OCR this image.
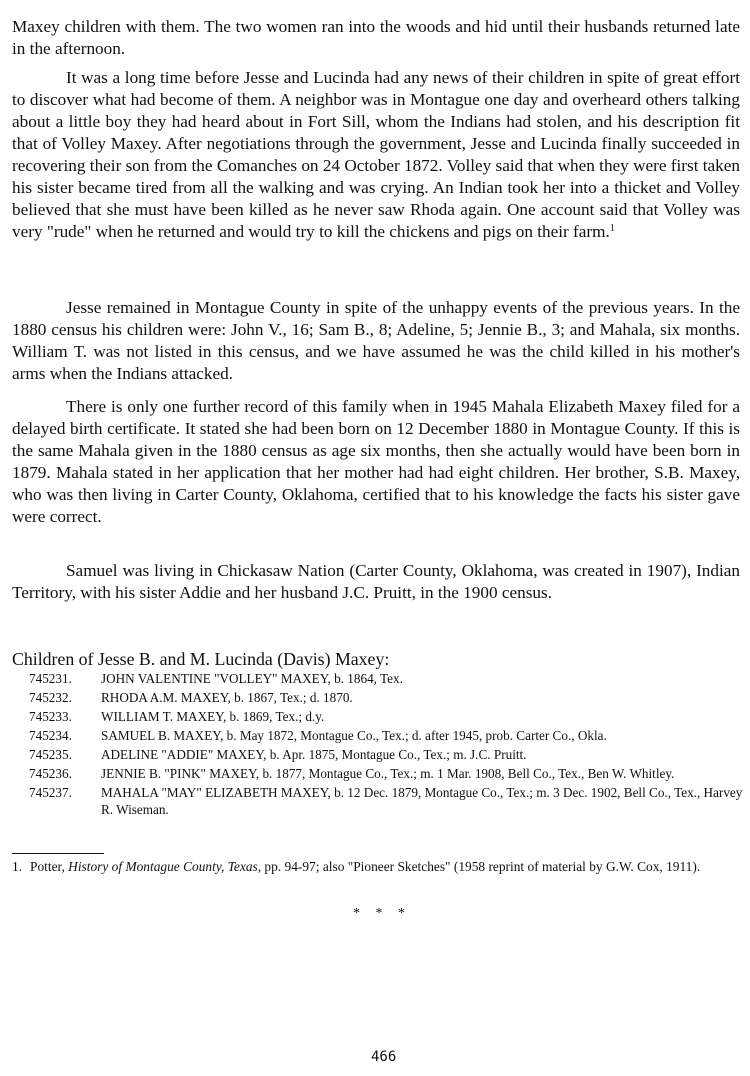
Maxey children with them. The two women ran into the woods and hid until their husbands returned late in the afternoon.

It was a long time before Jesse and Lucinda had any news of their children in spite of great effort to discover what had become of them. A neighbor was in Montague one day and overheard others talking about a little boy they had heard about in Fort Sill, whom the Indians had stolen, and his description fit that of Volley Maxey. After negotiations through the government, Jesse and Lucinda finally succeeded in recovering their son from the Comanches on 24 October 1872. Volley said that when they were first taken his sister became tired from all the walking and was crying. An Indian took her into a thicket and Volley believed that she must have been killed as he never saw Rhoda again. One account said that Volley was very "rude" when he returned and would try to kill the chickens and pigs on their farm.$^1$

Jesse remained in Montague County in spite of the unhappy events of the previous years. In the 1880 census his children were: John V., 16; Sam B., 8; Adeline, 5; Jennie B., 3; and Mahala, six months. William T. was not listed in this census, and we have assumed he was the child killed in his mother's arms when the Indians attacked.

There is only one further record of this family when in 1945 Mahala Elizabeth Maxey filed for a delayed birth certificate. It stated she had been born on 12 December 1880 in Montague County. If this is the same Mahala given in the 1880 census as age six months, then she actually would have been born in 1879. Mahala stated in her application that her mother had had eight children. Her brother, S.B. Maxey, who was then living in Carter County, Oklahoma, certified that to his knowledge the facts his sister gave were correct.

Samuel was living in Chickasaw Nation (Carter County, Oklahoma, was created in 1907), Indian Territory, with his sister Addie and her husband J.C. Pruitt, in the 1900 census.

Children of Jesse B. and M. Lucinda (Davis) Maxey:
745231.	JOHN VALENTINE "VOLLEY" MAXEY, b. 1864, Tex.
745232.	RHODA A.M. MAXEY, b. 1867, Tex.; d. 1870.
745233.	WILLIAM T. MAXEY, b. 1869, Tex.; d.y.
745234.	SAMUEL B. MAXEY, b. May 1872, Montague Co., Tex.; d. after 1945, prob. Carter Co., Okla.
745235.	ADELINE "ADDIE" MAXEY, b. Apr. 1875, Montague Co., Tex.; m. J.C. Pruitt.
745236.	JENNIE B. "PINK" MAXEY, b. 1877, Montague Co., Tex.; m. 1 Mar. 1908, Bell Co., Tex., Ben W. Whitley.
745237.	MAHALA "MAY" ELIZABETH MAXEY, b. 12 Dec. 1879, Montague Co., Tex.; m. 3 Dec. 1902, Bell Co., Tex., Harvey R. Wiseman.
1. Potter, History of Montague County, Texas, pp. 94-97; also "Pioneer Sketches" (1958 reprint of material by G.W. Cox, 1911).
* * *
466
